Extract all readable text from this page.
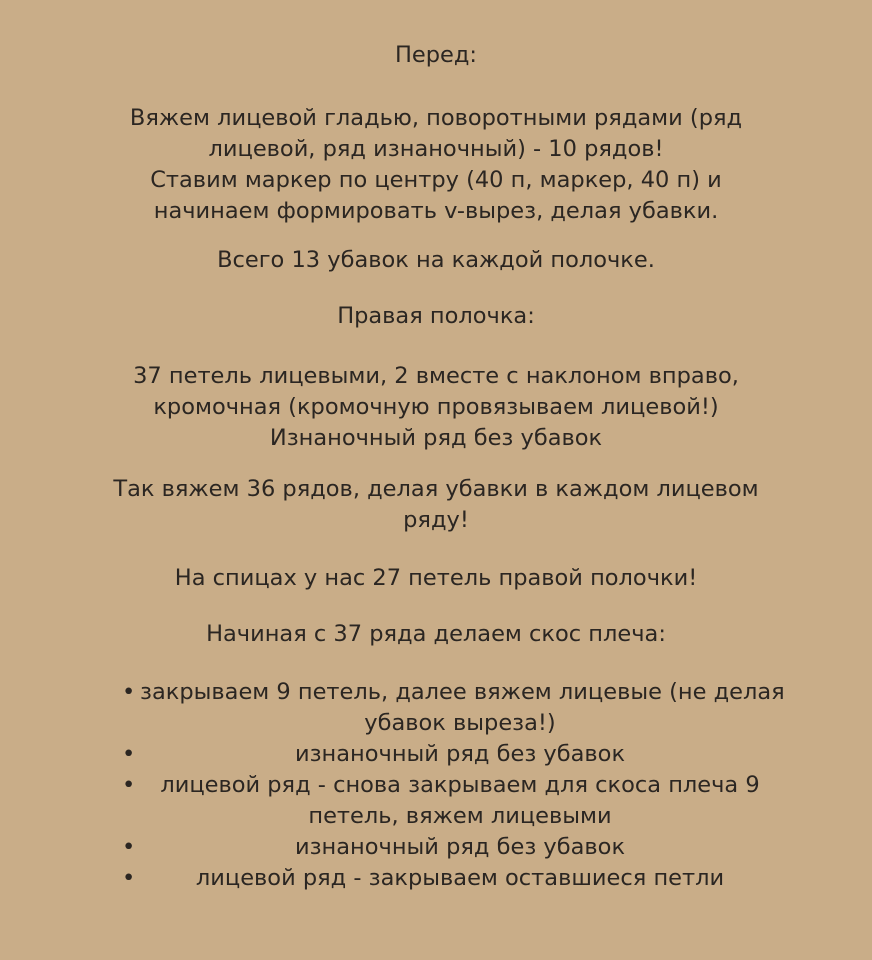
Перед:
Вяжем лицевой гладью, поворотными рядами (ряд
лицевой, ряд изнаночный) - 10 рядов!
Ставим маркер по центру (40 п, маркер, 40 п) и
начинаем формировать v-вырез, делая убавки.
Всего 13 убавок на каждой полочке.
Правая полочка:
37 петель лицевыми, 2 вместе с наклоном вправо,
кромочная (кромочную провязываем лицевой!)
Изнаночный ряд без убавок
Так вяжем 36 рядов, делая убавки в каждом лицевом
ряду!
На спицах у нас 27 петель правой полочки!
Начиная с 37 ряда делаем скос плеча:
• закрываем 9 петель, далее вяжем лицевые (не делая
убавок выреза!)
•	изнаночный ряд без убавок
•	лицевой ряд - снова закрываем для скоса плеча 9
петель, вяжем лицевыми
•	изнаночный ряд без убавок
•	лицевой ряд - закрываем оставшиеся петли
